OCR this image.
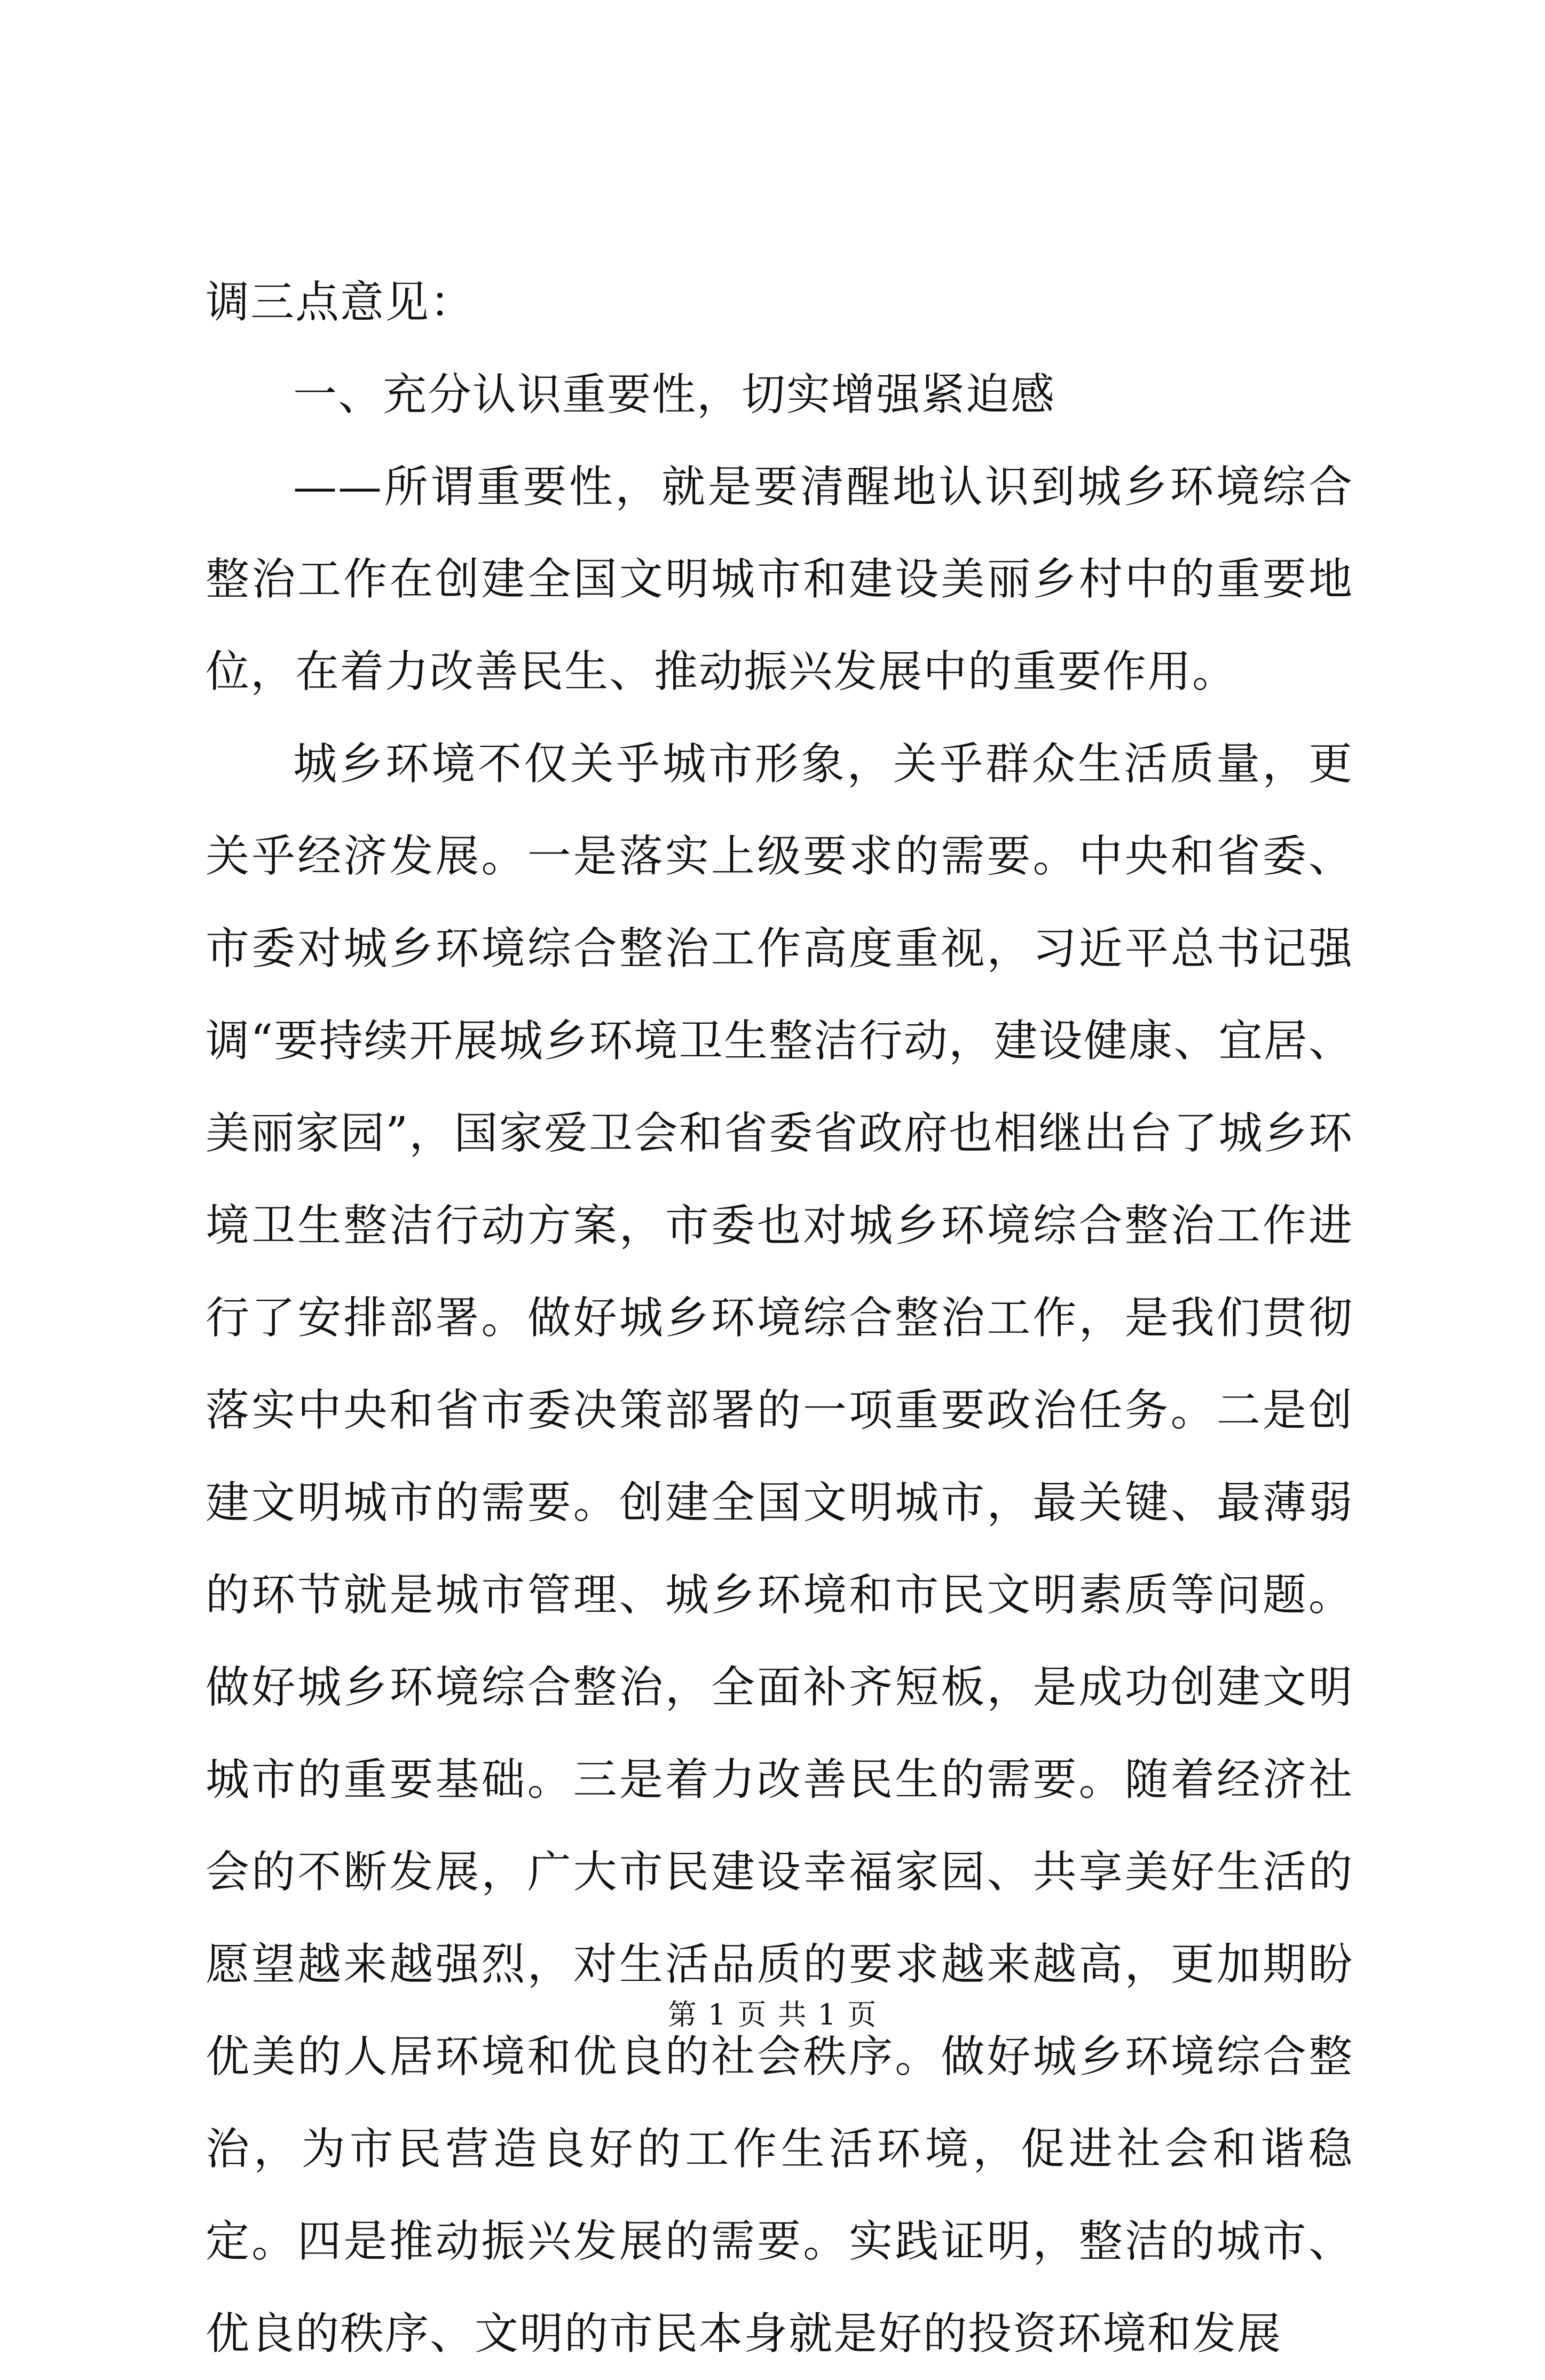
调三点意见：

一、充分认识重要性，切实增强紧迫感

——所谓重要性，就是要清醒地认识到城乡环境综合整治工作在创建全国文明城市和建设美丽乡村中的重要地位，在着力改善民生、推动振兴发展中的重要作用。

城乡环境不仅关乎城市形象，关乎群众生活质量，更关乎经济发展。一是落实上级要求的需要。中央和省委、市委对城乡环境综合整治工作高度重视，习近平总书记强调“要持续开展城乡环境卫生整洁行动，建设健康、宜居、美丽家园”，国家爱卫会和省委省政府也相继出台了城乡环境卫生整洁行动方案，市委也对城乡环境综合整治工作进行了安排部署。做好城乡环境综合整治工作，是我们贯彻落实中央和省市委决策部署的一项重要政治任务。二是创建文明城市的需要。创建全国文明城市，最关键、最薄弱的环节就是城市管理、城乡环境和市民文明素质等问题。做好城乡环境综合整治，全面补齐短板，是成功创建文明城市的重要基础。三是着力改善民生的需要。随着经济社会的不断发展，广大市民建设幸福家园、共享美好生活的愿望越来越强烈，对生活品质的要求越来越高，更加期盼优美的人居环境和优良的社会秩序。做好城乡环境综合整治，为市民营造良好的工作生活环境，促进社会和谐稳定。四是推动振兴发展的需要。实践证明，整洁的城市、优良的秩序、文明的市民本身就是好的投资环境和发展

第 1 页 共 1 页
